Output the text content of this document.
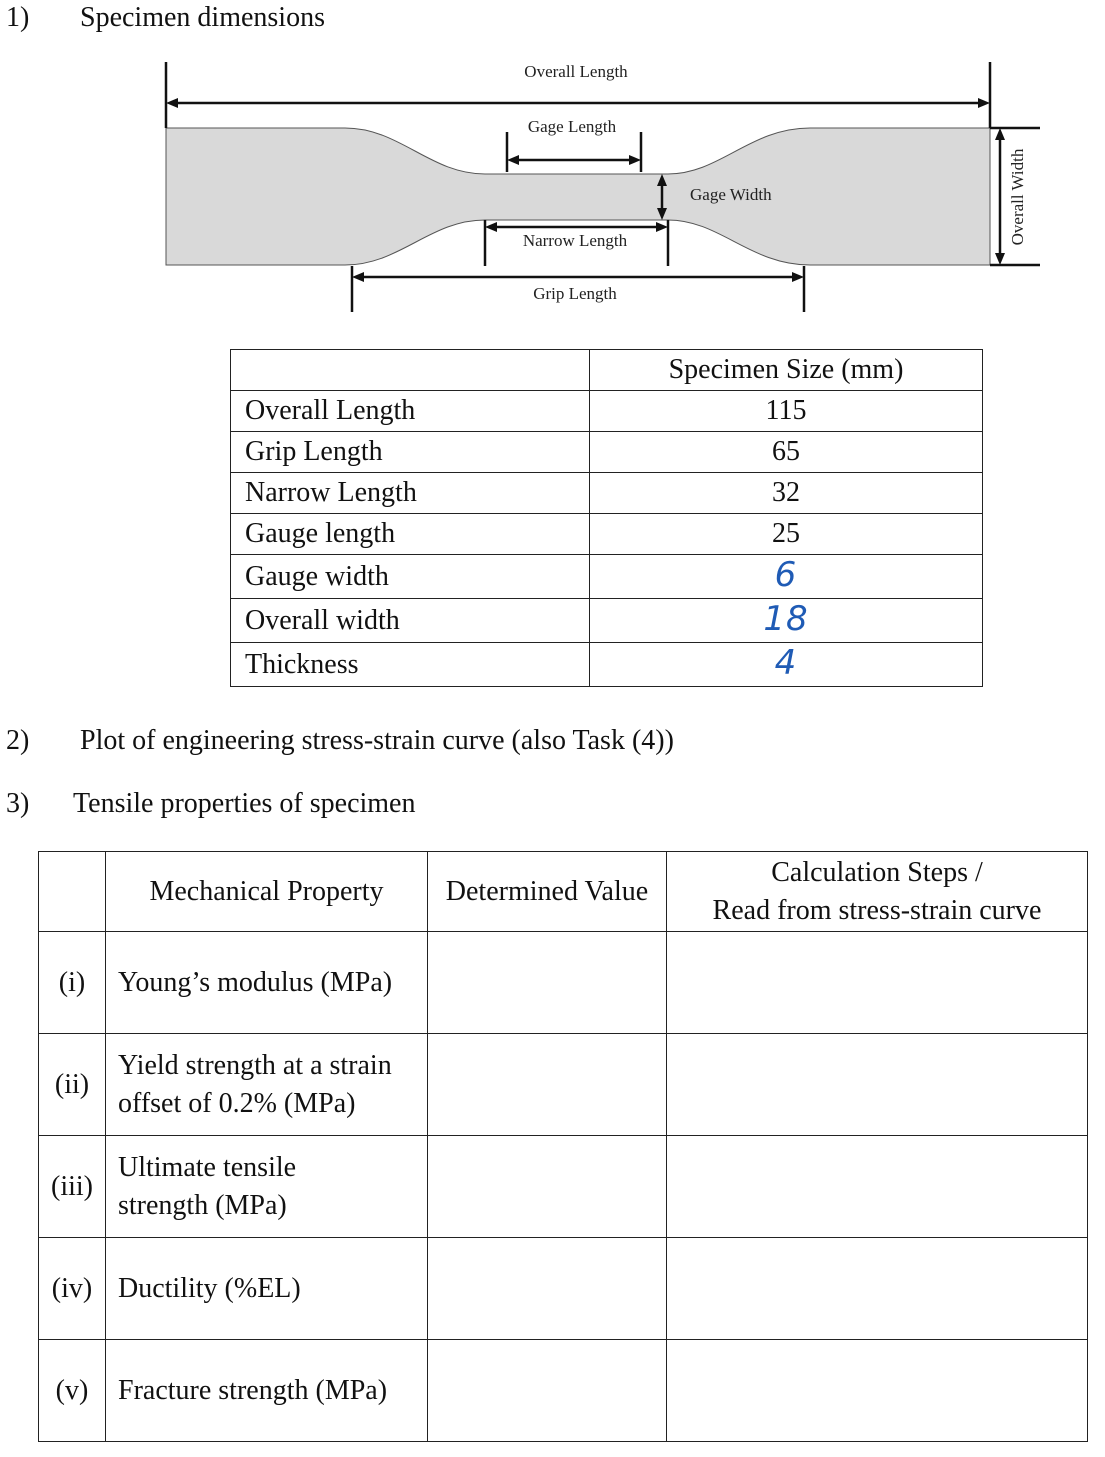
1) Specimen dimensions
Overall Length
Gage Length
Gage Width
Narrow Length
Grip Length
Overall Width
	Specimen Size (mm)
Overall Length	115
Grip Length	65
Narrow Length	32
Gauge length	25
Gauge width	6
Overall width	18
Thickness	4
2) Plot of engineering stress-strain curve (also Task (4))
3) Tensile properties of specimen
	Mechanical Property	Determined Value	Calculation Steps /
Read from stress-strain curve

(i)	Young’s modulus (MPa)		

(ii)	Yield strength at a strain
offset of 0.2% (MPa)		

(iii)	Ultimate tensile
strength (MPa)		

(iv)	Ductility (%EL)		

(v)	Fracture strength (MPa)		
